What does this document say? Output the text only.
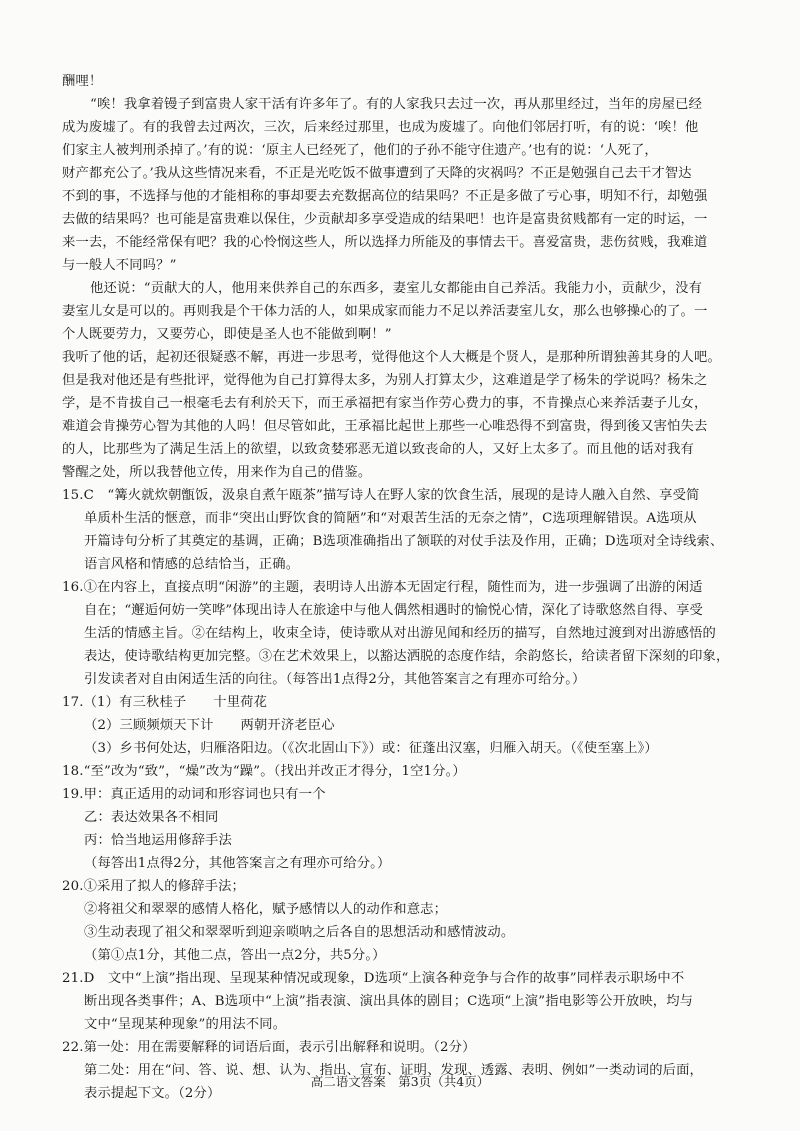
酬哩！
“唉！我拿着镘子到富贵人家干活有许多年了。有的人家我只去过一次，再从那里经过，当年的房屋已经
成为废墟了。有的我曾去过两次，三次，后来经过那里，也成为废墟了。向他们邻居打听，有的说：‘唉！他
们家主人被判刑杀掉了。’有的说：‘原主人已经死了，他们的子孙不能守住遗产。’也有的说：‘人死了，
财产都充公了。’我从这些情况来看，不正是光吃饭不做事遭到了天降的灾祸吗？不正是勉强自己去干才智达
不到的事，不选择与他的才能相称的事却要去充数据高位的结果吗？不正是多做了亏心事，明知不行，却勉强
去做的结果吗？也可能是富贵难以保住，少贡献却多享受造成的结果吧！也许是富贵贫贱都有一定的时运，一
来一去，不能经常保有吧？我的心怜悯这些人，所以选择力所能及的事情去干。喜爱富贵，悲伤贫贱，我难道
与一般人不同吗？”
他还说：“贡献大的人，他用来供养自己的东西多，妻室儿女都能由自己养活。我能力小，贡献少，没有
妻室儿女是可以的。再则我是个干体力活的人，如果成家而能力不足以养活妻室儿女，那么也够操心的了。一
个人既要劳力，又要劳心，即使是圣人也不能做到啊！”
我听了他的话，起初还很疑惑不解，再进一步思考，觉得他这个人大概是个贤人，是那种所谓独善其身的人吧。
但是我对他还是有些批评，觉得他为自己打算得太多，为别人打算太少，这难道是学了杨朱的学说吗？杨朱之
学，是不肯拔自己一根毫毛去有利於天下，而王承福把有家当作劳心费力的事，不肯操点心来养活妻子儿女，
难道会肯操劳心智为其他的人吗！但尽管如此，王承福比起世上那些一心唯恐得不到富贵，得到後又害怕失去
的人，比那些为了满足生活上的欲望，以致贪婪邪恶无道以致丧命的人，又好上太多了。而且他的话对我有
警醒之处，所以我替他立传，用来作为自己的借鉴。
15.C　“篝火就炊朝甑饭，汲泉自煮午瓯茶”描写诗人在野人家的饮食生活，展现的是诗人融入自然、享受简
单质朴生活的惬意，而非“突出山野饮食的简陋”和“对艰苦生活的无奈之情”，C选项理解错误。A选项从
开篇诗句分析了其奠定的基调，正确；B选项准确指出了颔联的对仗手法及作用，正确；D选项对全诗线索、
语言风格和情感的总结恰当，正确。
16.①在内容上，直接点明“闲游”的主题，表明诗人出游本无固定行程，随性而为，进一步强调了出游的闲适
自在；“邂逅何妨一笑哗”体现出诗人在旅途中与他人偶然相遇时的愉悦心情，深化了诗歌悠然自得、享受
生活的情感主旨。②在结构上，收束全诗，使诗歌从对出游见闻和经历的描写，自然地过渡到对出游感悟的
表达，使诗歌结构更加完整。③在艺术效果上，以豁达洒脱的态度作结，余韵悠长，给读者留下深刻的印象，
引发读者对自由闲适生活的向往。（每答出1点得2分，其他答案言之有理亦可给分。）
17.（1）有三秋桂子　　十里荷花
（2）三顾频烦天下计　　两朝开济老臣心
（3）乡书何处达，归雁洛阳边。（《次北固山下》）或：征蓬出汉塞，归雁入胡天。（《使至塞上》）
18.“至”改为“致”，“燥”改为“躁”。（找出并改正才得分，1空1分。）
19.甲：真正适用的动词和形容词也只有一个
乙：表达效果各不相同
丙：恰当地运用修辞手法
（每答出1点得2分，其他答案言之有理亦可给分。）
20.①采用了拟人的修辞手法；
②将祖父和翠翠的感情人格化，赋予感情以人的动作和意志；
③生动表现了祖父和翠翠听到迎亲唢呐之后各自的思想活动和感情波动。
（第①点1分，其他二点，答出一点2分，共5分。）
21.D　文中“上演”指出现、呈现某种情况或现象，D选项“上演各种竞争与合作的故事”同样表示职场中不
断出现各类事件；A、B选项中“上演”指表演、演出具体的剧目；C选项“上演”指电影等公开放映，均与
文中“呈现某种现象”的用法不同。
22.第一处：用在需要解释的词语后面，表示引出解释和说明。（2分）
第二处：用在“问、答、说、想、认为、指出、宣布、证明、发现、透露、表明、例如”一类动词的后面，
表示提起下文。（2分）
高二语文答案　第3页（共4页）
